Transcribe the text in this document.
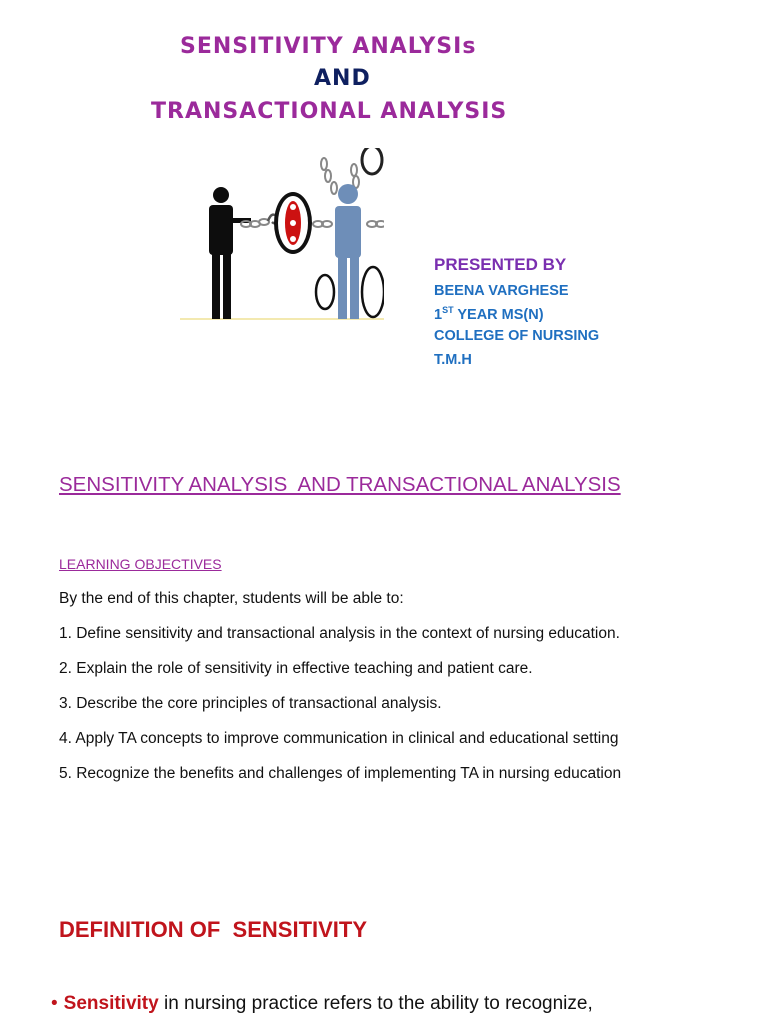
SENSITIVITY ANALYSIs
AND
TRANSACTIONAL ANALYSIS
PRESENTED BY
BEENA VARGHESE
1ST YEAR MS(N)
COLLEGE OF NURSING
T.M.H
SENSITIVITY ANALYSIS  AND TRANSACTIONAL ANALYSIS
LEARNING OBJECTIVES
By the end of this chapter, students will be able to:
1. Define sensitivity and transactional analysis in the context of nursing education.
2. Explain the role of sensitivity in effective teaching and patient care.
3. Describe the core principles of transactional analysis.
4. Apply TA concepts to improve communication in clinical and educational setting
5. Recognize the benefits and challenges of implementing TA in nursing education
DEFINITION OF  SENSITIVITY
• Sensitivity in nursing practice refers to the ability to recognize,
